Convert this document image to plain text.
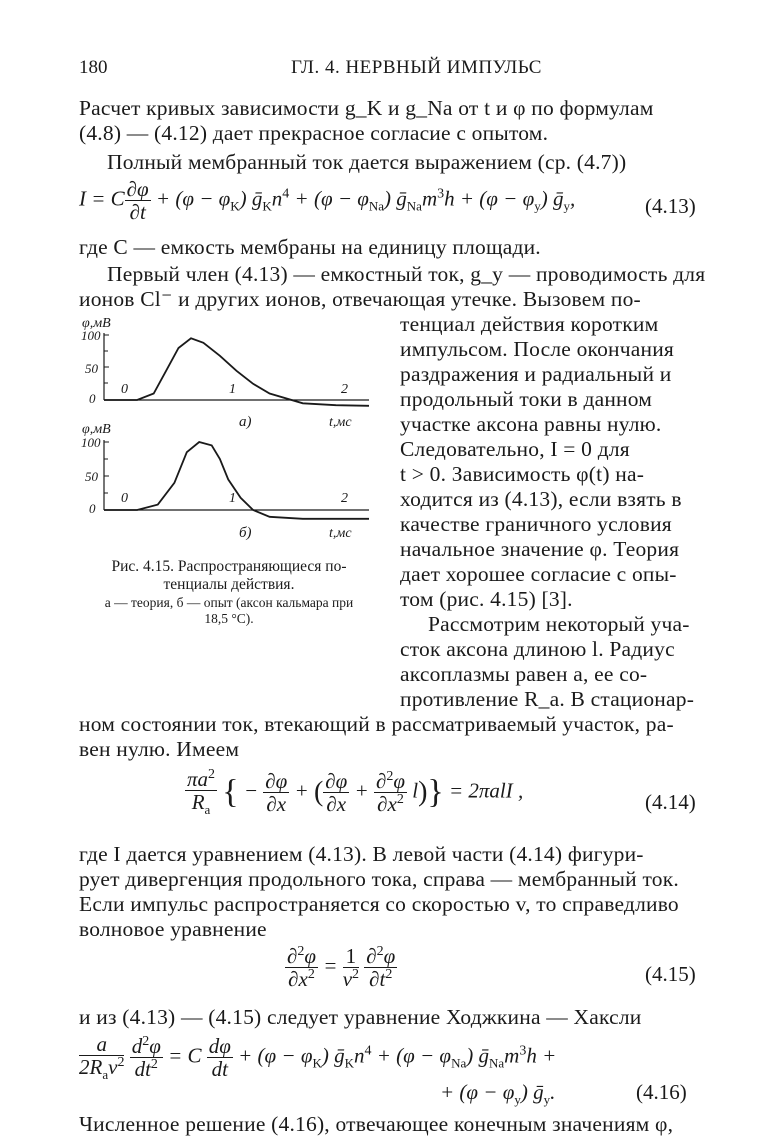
180	ГЛ. 4. НЕРВНЫЙ ИМПУЛЬС
Расчет кривых зависимости g_K и g_Na от t и φ по формулам
(4.8) — (4.12) дает прекрасное согласие с опытом.
Полный мембранный ток дается выражением (ср. (4.7))
I = C $\frac{\partial\varphi}{\partial t} + (\varphi - \varphi_K)$ $ḡ_Kn^4 + (\varphi - \varphi_{Na})$ $ḡ_{Na}m^3h + (\varphi - \varphi_y)$ ḡ$_y$,	(4.13)
где C — емкость мембраны на единицу площади.
Первый член (4.13) — емкостный ток, g_y — проводимость для
ионов Cl⁻ и других ионов, отвечающая утечке. Вызовем по-
тенциал действия коротким
импульсом. После окончания
раздражения и радиальный и
продольный токи в данном
участке аксона равны нулю.
Следовательно, I = 0 для
t > 0. Зависимость φ(t) на-
ходится из (4.13), если взять в
качестве граничного условия
начальное значение φ. Теория
дает хорошее согласие с опы-
том (рис. 4.15) [3].
Рассмотрим некоторый уча-
сток аксона длиною l. Радиус
аксоплазмы равен a, ее со-
противление R_a. В стационар-
φ,мВ
100
50
0
0	1	2
а)	t,мс
φ,мВ
100
50
0
0	1	2
б)	t,мс
Рис. 4.15. Распространяющиеся по-
тенциалы действия.
а — теория, б — опыт (аксон кальмара при
18,5 °С).
ном состоянии ток, втекающий в рассматриваемый участок, ра-
вен нулю. Имеем
$\frac{\pi a^2}{R_a}$ { − $\frac{\partial\varphi}{\partial x}$ + ( $\frac{\partial\varphi}{\partial x} + \frac{\partial^2\varphi}{\partial x^2} l)\} = 2\pi alI$ ,	(4.14)
где I дается уравнением (4.13). В левой части (4.14) фигури-
рует дивергенция продольного тока, справа — мембранный ток.
Если импульс распространяется со скоростью v, то справедливо
волновое уравнение
$\frac{\partial^2\varphi}{\partial x^2} = \frac{1}{v^2}$
$\frac{\partial^2\varphi}{\partial t^2}$	(4.15)
и из (4.13) — (4.15) следует уравнение Ходжкина — Хаксли
$\frac{a}{2R_av^2}$
$\frac{d^2\varphi}{dt^2} = C \frac{d\varphi}{dt} + (\varphi - \varphi_K)$ $ḡ_Kn^4 + (\varphi - \varphi_{Na})$ $ḡ_{Na}m^3h$ +
+ $(\varphi - \varphi_y)$ ḡ$_y$.	(4.16)
Численное решение (4.16), отвечающее конечным значениям φ,
